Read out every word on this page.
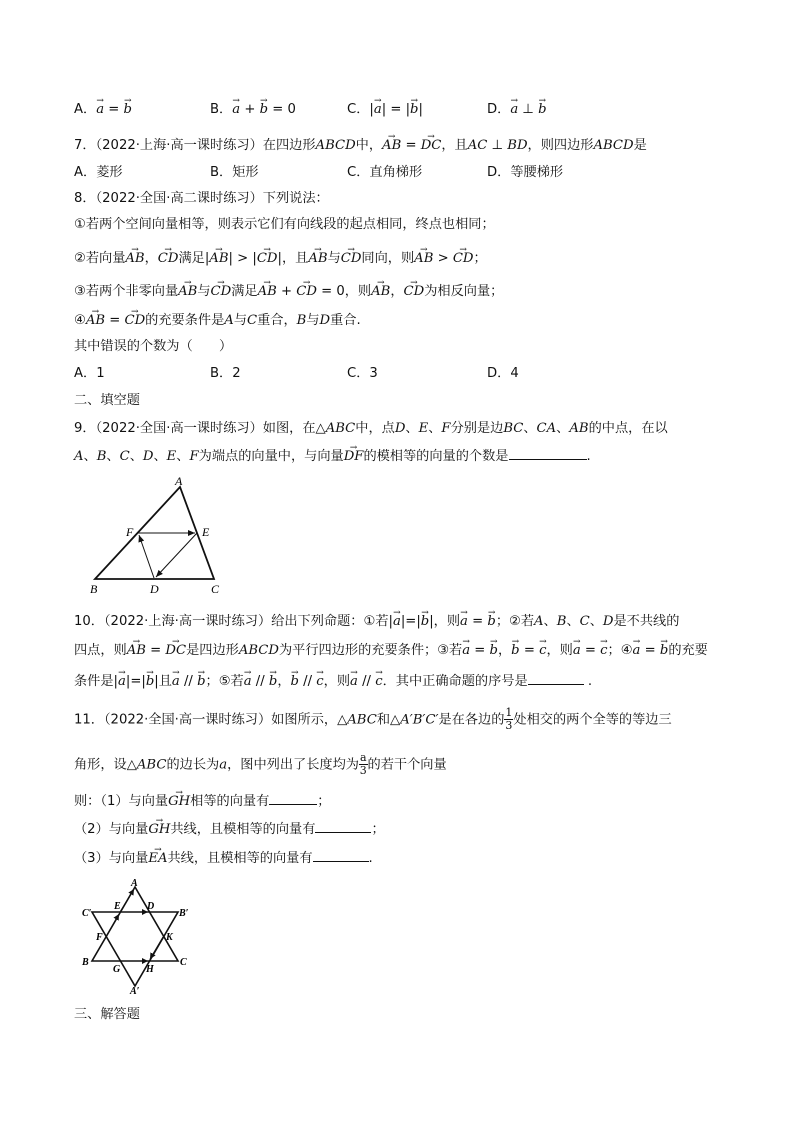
A．→ a = → b	B．→ a + → b = 0	C．|→ a| = |→ b|	D．→ a ⊥ → b
7．（2022·上海·高一课时练习）在四边形ABCD中，→ AB = → DC，且AC ⊥ BD，则四边形ABCD是
A．菱形	B．矩形	C．直角梯形	D．等腰梯形
8．（2022·全国·高二课时练习）下列说法：
①若两个空间向量相等，则表示它们有向线段的起点相同，终点也相同；
②若向量→ AB，→ CD满足|→ AB| > |→ CD|，且→ AB与→ CD同向，则→ AB > → CD；
③若两个非零向量→ AB与→ CD满足→ AB + → CD = 0，则→ AB，→ CD为相反向量；
④→ AB = → CD的充要条件是A与C重合，B与D重合.
其中错误的个数为（　　）
A．1	B．2	C．3	D．4
二、填空题
9．（2022·全国·高一课时练习）如图，在△ABC中，点D、E、F分别是边BC、CA、AB的中点，在以
A、B、C、D、E、F为端点的向量中，与向量→ DF的模相等的向量的个数是	.
A
B	C
D
E
F
10．（2022·上海·高一课时练习）给出下列命题：①若|→ a|=|→ b|，则→ a = → b；②若A、B、C、D是不共线的
四点，则→ AB = → DC是四边形ABCD为平行四边形的充要条件；③若→ a = → b，→ b = → c，则→ a = → c；④→ a = → b的充要
条件是|→ a|=|→ b|且→ a // → b；⑤若→ a // → b，→ b // → c，则→ a // → c．其中正确命题的序号是	.
11．（2022·全国·高一课时练习）如图所示，△ABC和△A′B′C′是在各边的 $\frac{1}{3}$ 处相交的两个全等的等边三
角形，设△ABC的边长为a，图中列出了长度均为 $\frac{a}{3}$ 的若干个向量
则：（1）与向量→ GH相等的向量有	；
（2）与向量→ GH共线，且模相等的向量有	；
（3）与向量→ EA共线，且模相等的向量有	.
A
C′
E	D
B′
F	K
B
G	H
C
A′
三、解答题
